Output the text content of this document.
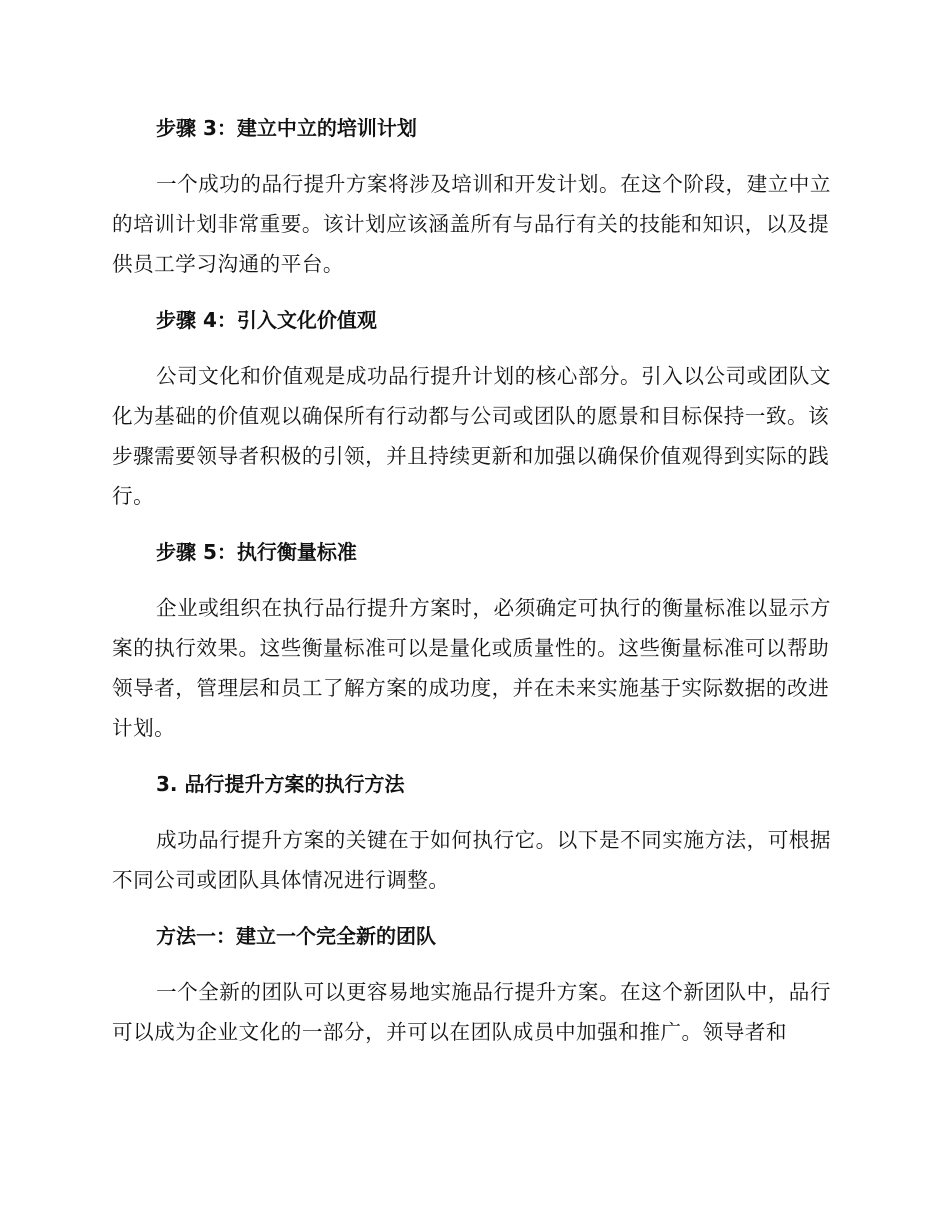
步骤 3：建立中立的培训计划

一个成功的品行提升方案将涉及培训和开发计划。在这个阶段，建立中立的培训计划非常重要。该计划应该涵盖所有与品行有关的技能和知识，以及提供员工学习沟通的平台。

步骤 4：引入文化价值观

公司文化和价值观是成功品行提升计划的核心部分。引入以公司或团队文化为基础的价值观以确保所有行动都与公司或团队的愿景和目标保持一致。该步骤需要领导者积极的引领，并且持续更新和加强以确保价值观得到实际的践行。

步骤 5：执行衡量标准

企业或组织在执行品行提升方案时，必须确定可执行的衡量标准以显示方案的执行效果。这些衡量标准可以是量化或质量性的。这些衡量标准可以帮助领导者，管理层和员工了解方案的成功度，并在未来实施基于实际数据的改进计划。

3. 品行提升方案的执行方法

成功品行提升方案的关键在于如何执行它。以下是不同实施方法，可根据不同公司或团队具体情况进行调整。

方法一：建立一个完全新的团队

一个全新的团队可以更容易地实施品行提升方案。在这个新团队中，品行可以成为企业文化的一部分，并可以在团队成员中加强和推广。领导者和
